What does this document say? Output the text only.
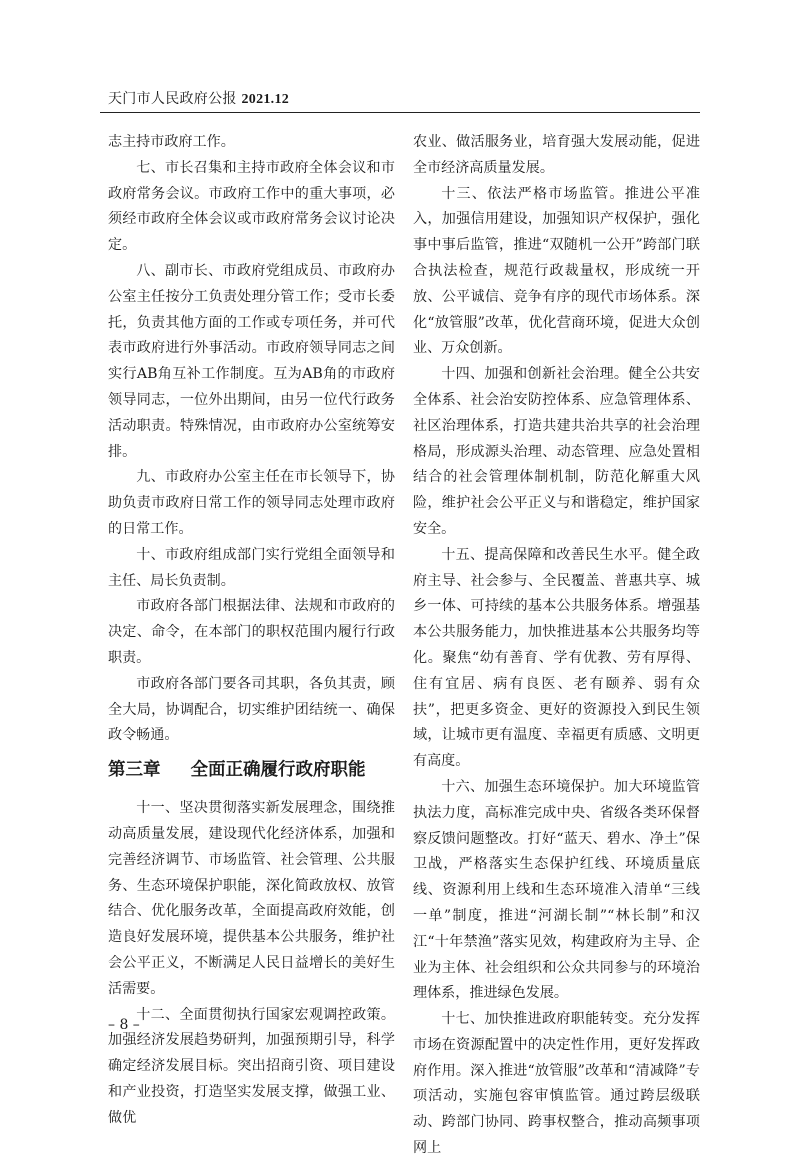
天门市人民政府公报 2021.12

志主持市政府工作。

七、市长召集和主持市政府全体会议和市政府常务会议。市政府工作中的重大事项，必须经市政府全体会议或市政府常务会议讨论决定。

八、副市长、市政府党组成员、市政府办公室主任按分工负责处理分管工作；受市长委托，负责其他方面的工作或专项任务，并可代表市政府进行外事活动。市政府领导同志之间实行AB角互补工作制度。互为AB角的市政府领导同志，一位外出期间，由另一位代行政务活动职责。特殊情况，由市政府办公室统筹安排。

九、市政府办公室主任在市长领导下，协助负责市政府日常工作的领导同志处理市政府的日常工作。

十、市政府组成部门实行党组全面领导和主任、局长负责制。

市政府各部门根据法律、法规和市政府的决定、命令，在本部门的职权范围内履行行政职责。

市政府各部门要各司其职，各负其责，顾全大局，协调配合，切实维护团结统一、确保政令畅通。

第三章 全面正确履行政府职能

十一、坚决贯彻落实新发展理念，围绕推动高质量发展，建设现代化经济体系，加强和完善经济调节、市场监管、社会管理、公共服务、生态环境保护职能，深化简政放权、放管结合、优化服务改革，全面提高政府效能，创造良好发展环境，提供基本公共服务，维护社会公平正义，不断满足人民日益增长的美好生活需要。

十二、全面贯彻执行国家宏观调控政策。加强经济发展趋势研判，加强预期引导，科学确定经济发展目标。突出招商引资、项目建设和产业投资，打造坚实发展支撑，做强工业、做优

农业、做活服务业，培育强大发展动能，促进全市经济高质量发展。

十三、依法严格市场监管。推进公平准入，加强信用建设，加强知识产权保护，强化事中事后监管，推进“双随机一公开”跨部门联合执法检查，规范行政裁量权，形成统一开放、公平诚信、竞争有序的现代市场体系。深化“放管服”改革，优化营商环境，促进大众创业、万众创新。

十四、加强和创新社会治理。健全公共安全体系、社会治安防控体系、应急管理体系、社区治理体系，打造共建共治共享的社会治理格局，形成源头治理、动态管理、应急处置相结合的社会管理体制机制，防范化解重大风险，维护社会公平正义与和谐稳定，维护国家安全。

十五、提高保障和改善民生水平。健全政府主导、社会参与、全民覆盖、普惠共享、城乡一体、可持续的基本公共服务体系。增强基本公共服务能力，加快推进基本公共服务均等化。聚焦“幼有善育、学有优教、劳有厚得、住有宜居、病有良医、老有颐养、弱有众扶”，把更多资金、更好的资源投入到民生领域，让城市更有温度、幸福更有质感、文明更有高度。

十六、加强生态环境保护。加大环境监管执法力度，高标准完成中央、省级各类环保督察反馈问题整改。打好“蓝天、碧水、净土”保卫战，严格落实生态保护红线、环境质量底线、资源利用上线和生态环境准入清单“三线一单”制度，推进“河湖长制”“林长制”和汉江“十年禁渔”落实见效，构建政府为主导、企业为主体、社会组织和公众共同参与的环境治理体系，推进绿色发展。

十七、加快推进政府职能转变。充分发挥市场在资源配置中的决定性作用，更好发挥政府作用。深入推进“放管服”改革和“清减降”专项活动，实施包容审慎监管。通过跨层级联动、跨部门协同、跨事权整合，推动高频事项网上

– 8 –
